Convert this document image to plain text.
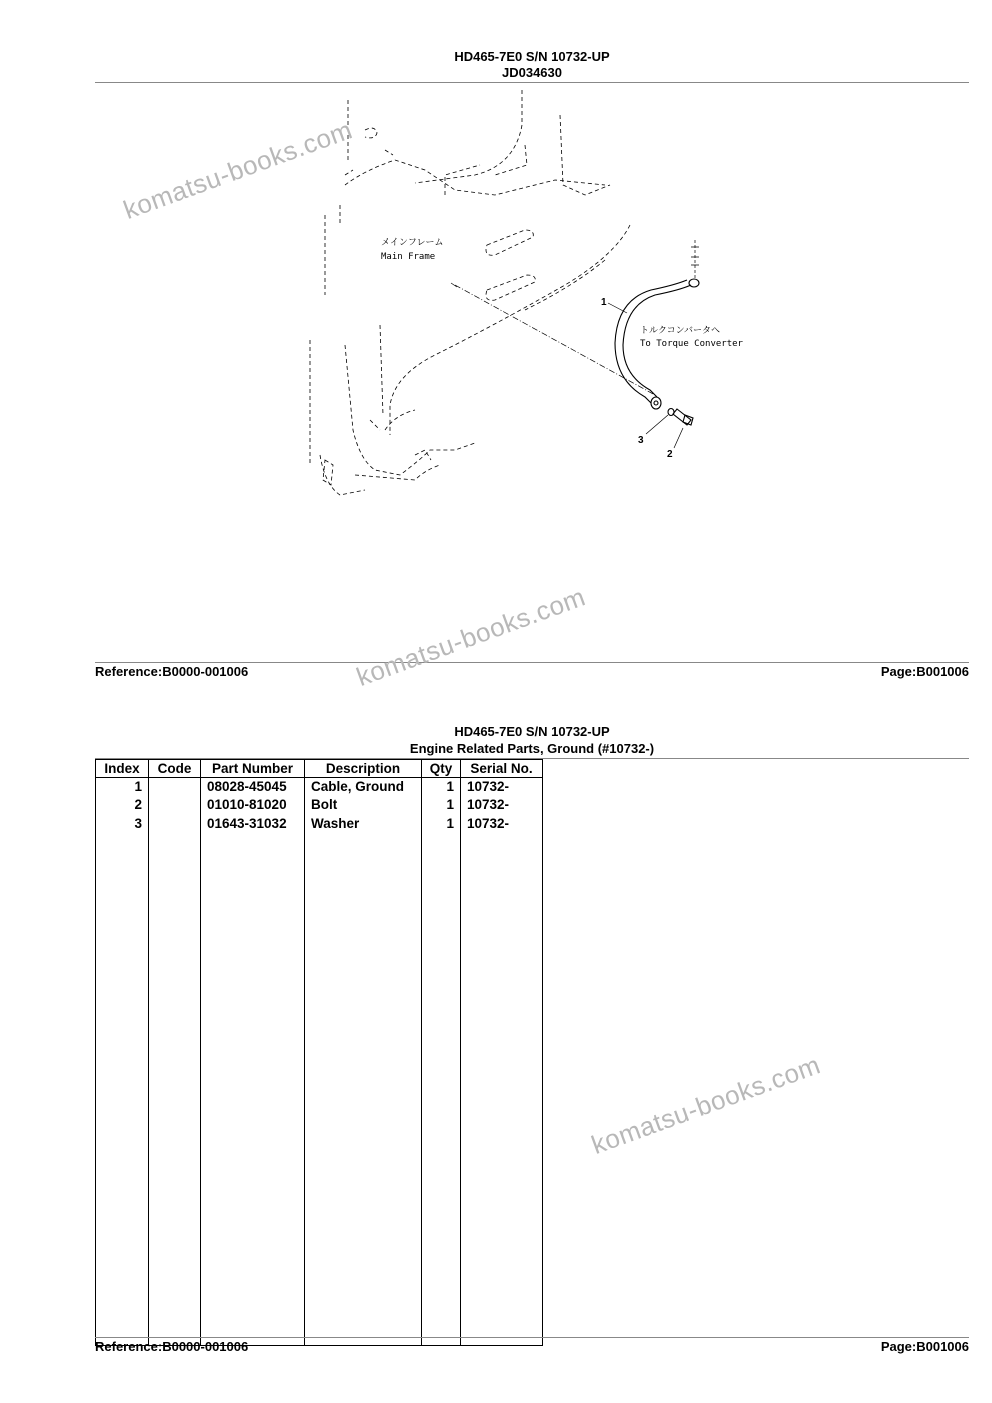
HD465-7E0 S/N 10732-UP
JD034630
1
2
3
メインフレーム
Main Frame
トルクコンバータへ
To Torque Converter
Reference:B0000-001006	Page:B001006
HD465-7E0 S/N 10732-UP
Engine Related Parts, Ground (#10732-)
Index	Code	Part Number	Description	Qty	Serial No.
1		08028-45045	Cable, Ground	1	10732-
2		01010-81020	Bolt	1	10732-
3		01643-31032	Washer	1	10732-

Reference:B0000-001006	Page:B001006
komatsu-books.com
komatsu-books.com
komatsu-books.com
